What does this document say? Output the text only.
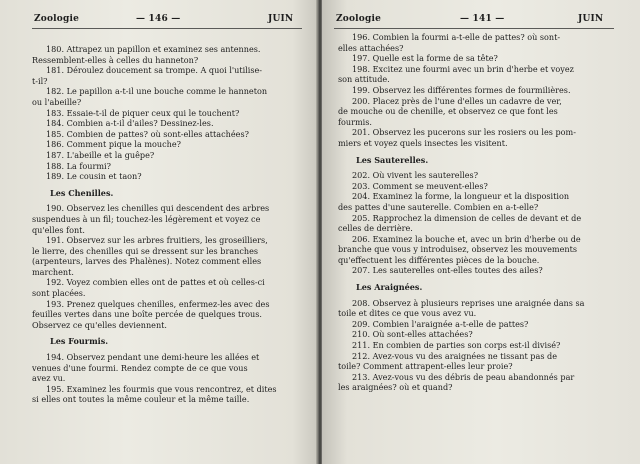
Zoologie	— 146 —	JUIN
180. Attrapez un papillon et examinez ses antennes.
Ressemblent-elles à celles du hanneton?
181. Déroulez doucement sa trompe. A quoi l'utilise-
t-il?
182. Le papillon a-t-il une bouche comme le hanneton
ou l'abeille?
183. Essaie-t-il de piquer ceux qui le touchent?
184. Combien a-t-il d'ailes? Dessinez-les.
185. Combien de pattes? où sont-elles attachées?
186. Comment pique la mouche?
187. L'abeille et la guêpe?
188. La fourmi?
189. Le cousin et taon?
Les Chenilles.
190. Observez les chenilles qui descendent des arbres
suspendues à un fil; touchez-les légèrement et voyez ce
qu'elles font.
191. Observez sur les arbres fruitiers, les groseilliers,
le lierre, des chenilles qui se dressent sur les branches
(arpenteurs, larves des Phalènes). Notez comment elles
marchent.
192. Voyez combien elles ont de pattes et où celles-ci
sont placées.
193. Prenez quelques chenilles, enfermez-les avec des
feuilles vertes dans une boîte percée de quelques trous.
Observez ce qu'elles deviennent.
Les Fourmis.
194. Observez pendant une demi-heure les allées et
venues d'une fourmi. Rendez compte de ce que vous
avez vu.
195. Examinez les fourmis que vous rencontrez, et dites
si elles ont toutes la même couleur et la même taille.
Zoologie	— 141 —	JUIN
196. Combien la fourmi a-t-elle de pattes? où sont-
elles attachées?
197. Quelle est la forme de sa tête?
198. Excitez une fourmi avec un brin d'herbe et voyez
son attitude.
199. Observez les différentes formes de fourmilières.
200. Placez près de l'une d'elles un cadavre de ver,
de mouche ou de chenille, et observez ce que font les
fourmis.
201. Observez les pucerons sur les rosiers ou les pom-
miers et voyez quels insectes les visitent.
Les Sauterelles.
202. Où vivent les sauterelles?
203. Comment se meuvent-elles?
204. Examinez la forme, la longueur et la disposition
des pattes d'une sauterelle. Combien en a-t-elle?
205. Rapprochez la dimension de celles de devant et de
celles de derrière.
206. Examinez la bouche et, avec un brin d'herbe ou de
branche que vous y introduisez, observez les mouvements
qu'effectuent les différentes pièces de la bouche.
207. Les sauterelles ont-elles toutes des ailes?
Les Araignées.
208. Observez à plusieurs reprises une araignée dans sa
toile et dites ce que vous avez vu.
209. Combien l'araignée a-t-elle de pattes?
210. Où sont-elles attachées?
211. En combien de parties son corps est-il divisé?
212. Avez-vous vu des araignées ne tissant pas de
toile? Comment attrapent-elles leur proie?
213. Avez-vous vu des débris de peau abandonnés par
les araignées? où et quand?
